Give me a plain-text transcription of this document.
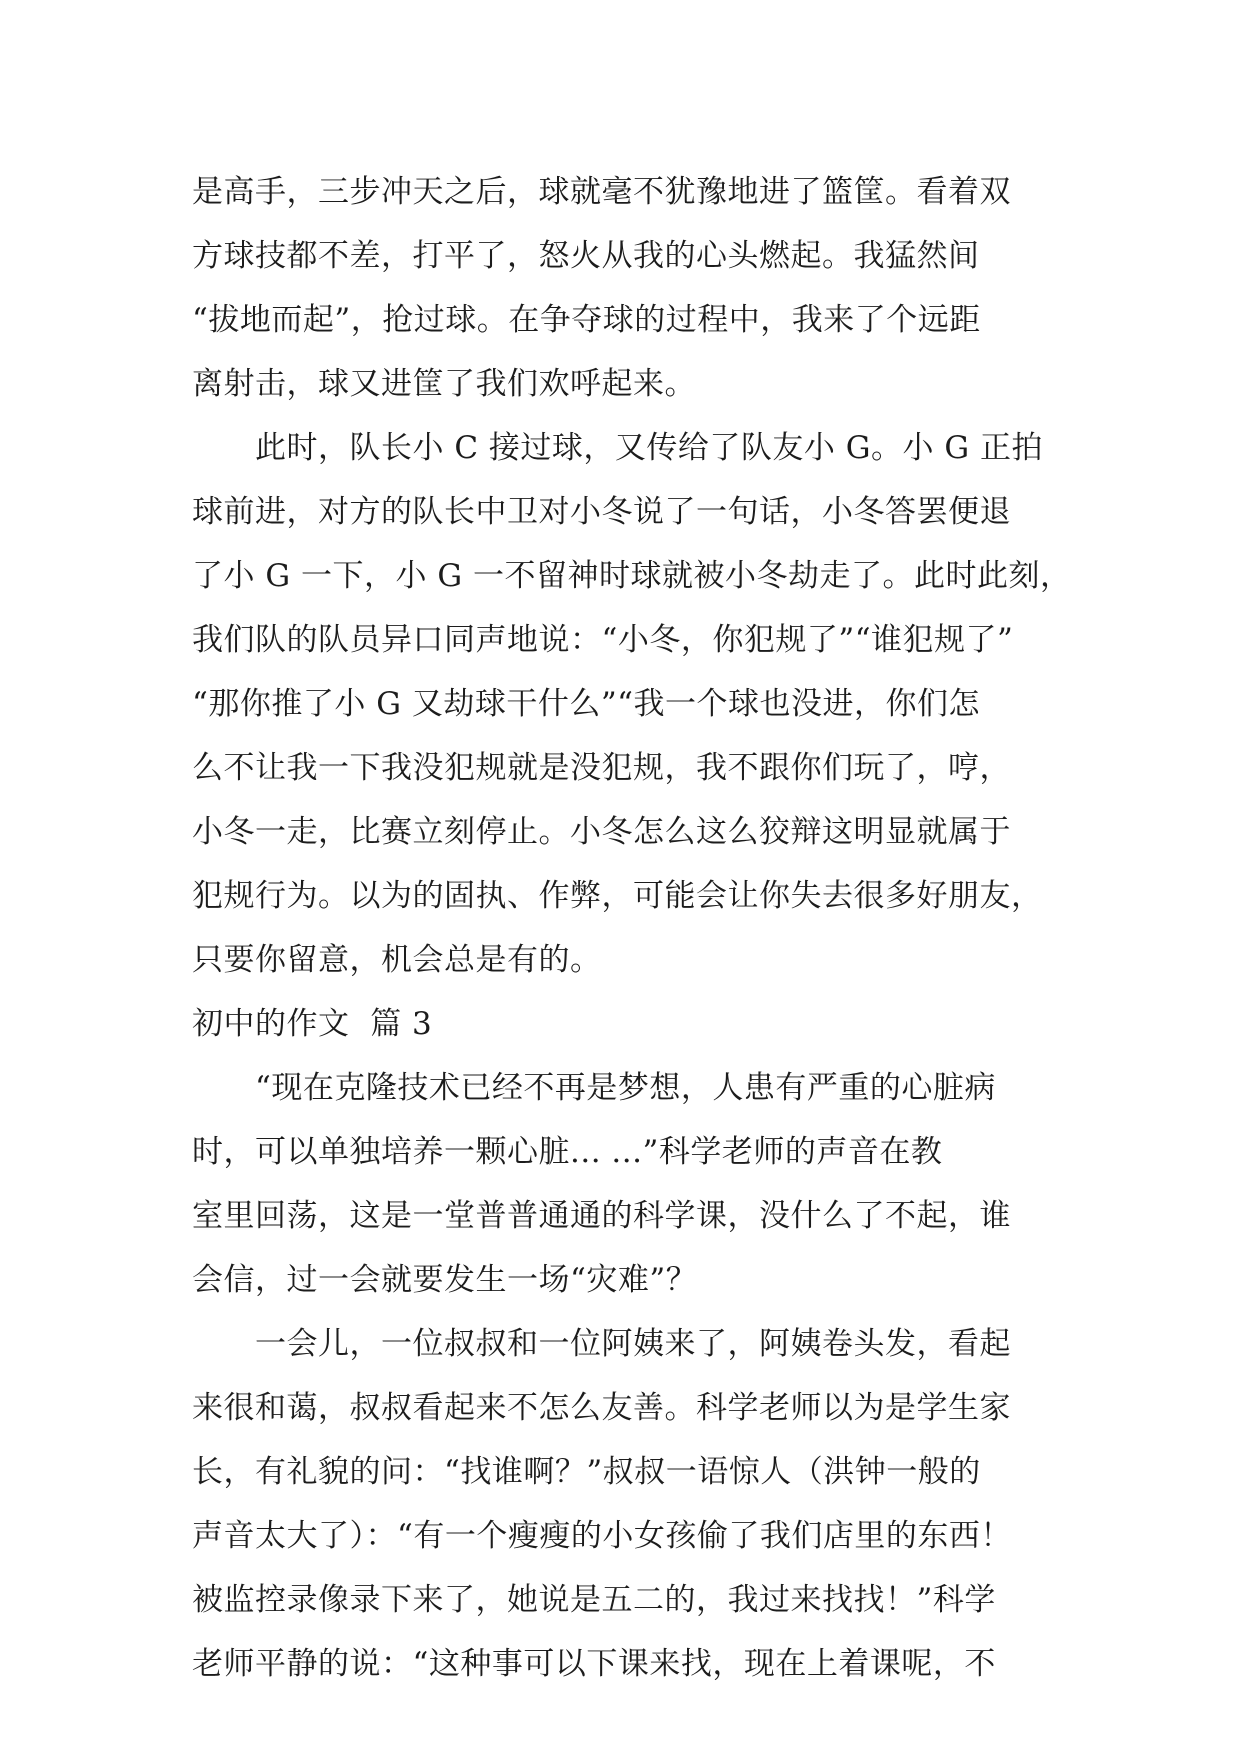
是高手，三步冲天之后，球就毫不犹豫地进了篮筐。看着双
方球技都不差，打平了，怒火从我的心头燃起。我猛然间
“拔地而起”，抢过球。在争夺球的过程中，我来了个远距
离射击，球又进筐了我们欢呼起来。
　　此时，队长小 C 接过球，又传给了队友小 G。小 G 正拍
球前进，对方的队长中卫对小冬说了一句话，小冬答罢便退
了小 G 一下，小 G 一不留神时球就被小冬劫走了。此时此刻，
我们队的队员异口同声地说：“小冬，你犯规了”“谁犯规了”
“那你推了小 G 又劫球干什么”“我一个球也没进，你们怎
么不让我一下我没犯规就是没犯规，我不跟你们玩了，哼，
小冬一走，比赛立刻停止。小冬怎么这么狡辩这明显就属于
犯规行为。以为的固执、作弊，可能会让你失去很多好朋友，
只要你留意，机会总是有的。
初中的作文  篇 3
　　“现在克隆技术已经不再是梦想，人患有严重的心脏病
时，可以单独培养一颗心脏... ...”科学老师的声音在教
室里回荡，这是一堂普普通通的科学课，没什么了不起，谁
会信，过一会就要发生一场“灾难”？
　　一会儿，一位叔叔和一位阿姨来了，阿姨卷头发，看起
来很和蔼，叔叔看起来不怎么友善。科学老师以为是学生家
长，有礼貌的问：“找谁啊？”叔叔一语惊人（洪钟一般的
声音太大了）：“有一个瘦瘦的小女孩偷了我们店里的东西！
被监控录像录下来了，她说是五二的，我过来找找！”科学
老师平静的说：“这种事可以下课来找，现在上着课呢，不
